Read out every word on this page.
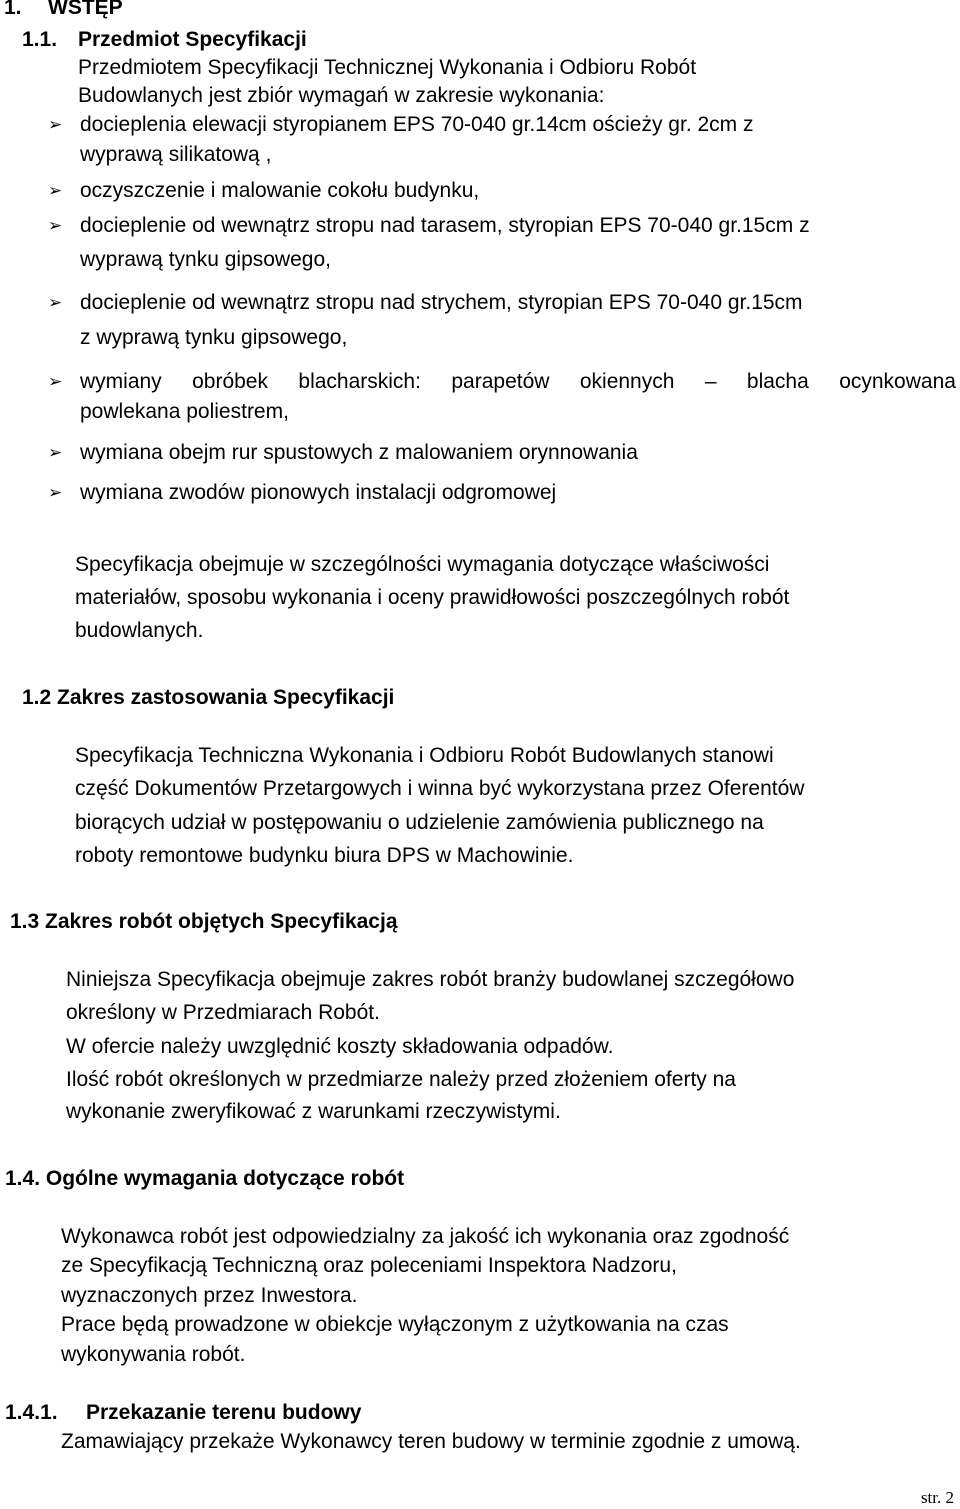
1. WSTĘP
1.1. Przedmiot Specyfikacji
Przedmiotem Specyfikacji Technicznej Wykonania i Odbioru Robót
Budowlanych jest zbiór wymagań w zakresie wykonania:
➢ docieplenia elewacji styropianem EPS 70-040 gr.14cm ościeży gr. 2cm z
wyprawą silikatową ,
➢ oczyszczenie i malowanie cokołu budynku,
➢ docieplenie od wewnątrz stropu nad tarasem, styropian EPS 70-040 gr.15cm z
wyprawą tynku gipsowego,
➢ docieplenie od wewnątrz stropu nad strychem, styropian EPS 70-040 gr.15cm
z wyprawą tynku gipsowego,
➢ wymiany obróbek blacharskich: parapetów okiennych – blacha ocynkowana
powlekana poliestrem,
➢ wymiana obejm rur spustowych z malowaniem orynnowania
➢ wymiana zwodów pionowych instalacji odgromowej
Specyfikacja obejmuje w szczególności wymagania dotyczące właściwości
materiałów, sposobu wykonania i oceny prawidłowości poszczególnych robót
budowlanych.
1.2 Zakres zastosowania Specyfikacji
Specyfikacja Techniczna Wykonania i Odbioru Robót Budowlanych stanowi
część Dokumentów Przetargowych i winna być wykorzystana przez Oferentów
biorących udział w postępowaniu o udzielenie zamówienia publicznego na
roboty remontowe budynku biura DPS w Machowinie.
1.3 Zakres robót objętych Specyfikacją
Niniejsza Specyfikacja obejmuje zakres robót branży budowlanej szczegółowo
określony w Przedmiarach Robót.
W ofercie należy uwzględnić koszty składowania odpadów.
Ilość robót określonych w przedmiarze należy przed złożeniem oferty na
wykonanie zweryfikować z warunkami rzeczywistymi.
1.4. Ogólne wymagania dotyczące robót
Wykonawca robót jest odpowiedzialny za jakość ich wykonania oraz zgodność
ze Specyfikacją Techniczną oraz poleceniami Inspektora Nadzoru,
wyznaczonych przez Inwestora.
Prace będą prowadzone w obiekcje wyłączonym z użytkowania na czas
wykonywania robót.
1.4.1. Przekazanie terenu budowy
Zamawiający przekaże Wykonawcy teren budowy w terminie zgodnie z umową.
str. 2
